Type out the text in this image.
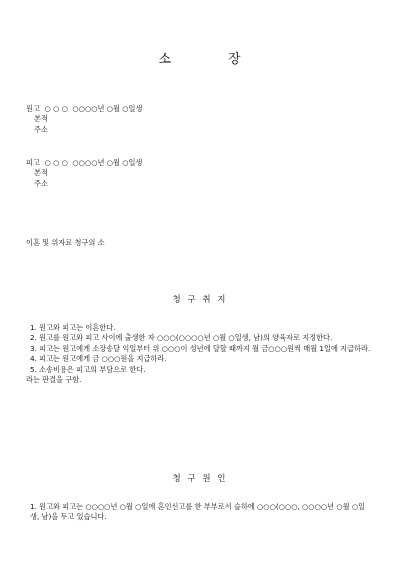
소	장
원고  ○ ○ ○  ○○○○년 ○월 ○일생
본적
주소
피고  ○ ○ ○  ○○○○년 ○월 ○일생
본적
주소
이혼 및 위자료 청구의 소
청 구 취 지

1. 원고와 피고는 이혼한다.

2. 원고를 원고와 피고 사이에 출생한 자 ○○○(○○○○년 ○월 ○일생, 남)의 양육자로 지정한다.

3. 피고는 원고에게 소장송달 익일부터 위 ○○○이 성년에 달할 때까지 월 금○○○원씩 매월 1일에 지급하라.

4. 피고는 원고에게 금 ○○○원을 지급하라.

5. 소송비용은 피고의 부담으로 한다.

라는 판결을 구함.

청 구 원 인

1. 원고와 피고는 ○○○○년 ○월 ○일에 혼인신고를 한 부부로서 슬하에 ○○○(○○○, ○○○○년 ○월 ○일생, 남)을 두고 있습니다.
